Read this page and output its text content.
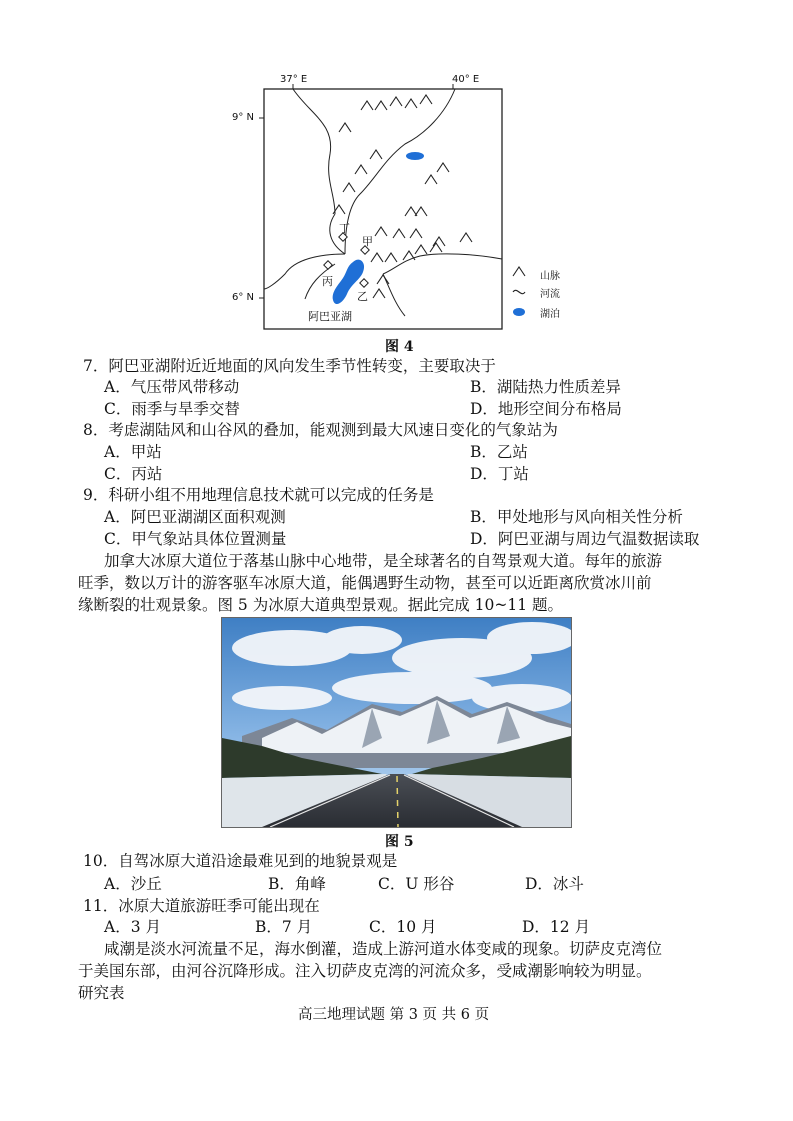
37° E	40° E
9° N
6° N
丁
甲
丙
乙
阿巴亚湖
山脉
河流
湖泊
图 4
7．阿巴亚湖附近近地面的风向发生季节性转变，主要取决于
A．气压带风带移动	B．湖陆热力性质差异
C．雨季与旱季交替	D．地形空间分布格局
8．考虑湖陆风和山谷风的叠加，能观测到最大风速日变化的气象站为
A．甲站	B．乙站
C．丙站	D．丁站
9．科研小组不用地理信息技术就可以完成的任务是
A．阿巴亚湖湖区面积观测	B．甲处地形与风向相关性分析
C．甲气象站具体位置测量	D．阿巴亚湖与周边气温数据读取
加拿大冰原大道位于落基山脉中心地带，是全球著名的自驾景观大道。每年的旅游
旺季，数以万计的游客驱车冰原大道，能偶遇野生动物，甚至可以近距离欣赏冰川前
缘断裂的壮观景象。图 5 为冰原大道典型景观。据此完成 10~11 题。
图 5
10．自驾冰原大道沿途最难见到的地貌景观是
A．沙丘	B．角峰	C．U 形谷	D．冰斗
11．冰原大道旅游旺季可能出现在
A．3 月	B．7 月	C．10 月	D．12 月
咸潮是淡水河流量不足，海水倒灌，造成上游河道水体变咸的现象。切萨皮克湾位
于美国东部，由河谷沉降形成。注入切萨皮克湾的河流众多，受咸潮影响较为明显。
研究表
高三地理试题 第 3 页 共 6 页
